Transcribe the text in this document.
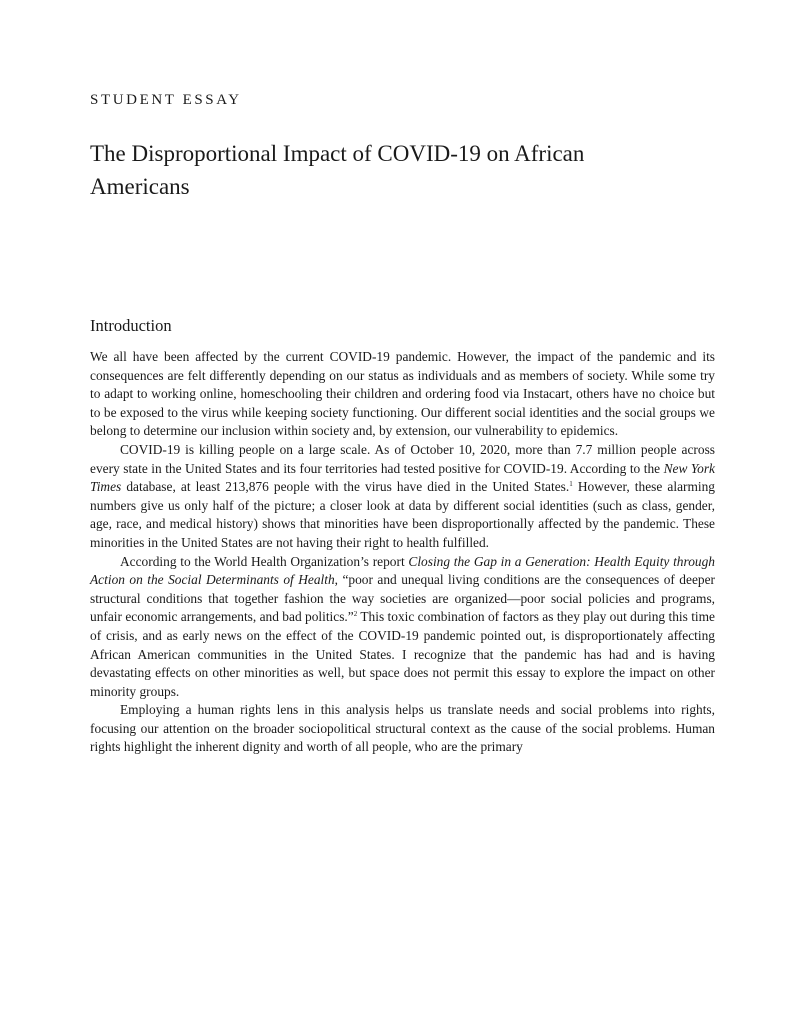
STUDENT ESSAY
The Disproportional Impact of COVID-19 on African Americans
Introduction

We all have been affected by the current COVID-19 pandemic. However, the impact of the pandemic and its consequences are felt differently depending on our status as individuals and as members of society. While some try to adapt to working online, homeschooling their children and ordering food via Instacart, others have no choice but to be exposed to the virus while keeping society functioning. Our different social identities and the social groups we belong to determine our inclusion within society and, by extension, our vulnerability to epidemics.

COVID-19 is killing people on a large scale. As of October 10, 2020, more than 7.7 million people across every state in the United States and its four territories had tested positive for COVID-19. According to the New York Times database, at least 213,876 people with the virus have died in the United States.$^1$ However, these alarming numbers give us only half of the picture; a closer look at data by different social identities (such as class, gender, age, race, and medical history) shows that minorities have been disproportionally affected by the pandemic. These minorities in the United States are not having their right to health fulfilled.

According to the World Health Organization’s report Closing the Gap in a Generation: Health Equity through Action on the Social Determinants of Health, “poor and unequal living conditions are the consequences of deeper structural conditions that together fashion the way societies are organized—poor social policies and programs, unfair economic arrangements, and bad politics.”$^2$ This toxic combination of factors as they play out during this time of crisis, and as early news on the effect of the COVID-19 pandemic pointed out, is disproportionately affecting African American communities in the United States. I recognize that the pandemic has had and is having devastating effects on other minorities as well, but space does not permit this essay to explore the impact on other minority groups.

Employing a human rights lens in this analysis helps us translate needs and social problems into rights, focusing our attention on the broader sociopolitical structural context as the cause of the social problems. Human rights highlight the inherent dignity and worth of all people, who are the primary
